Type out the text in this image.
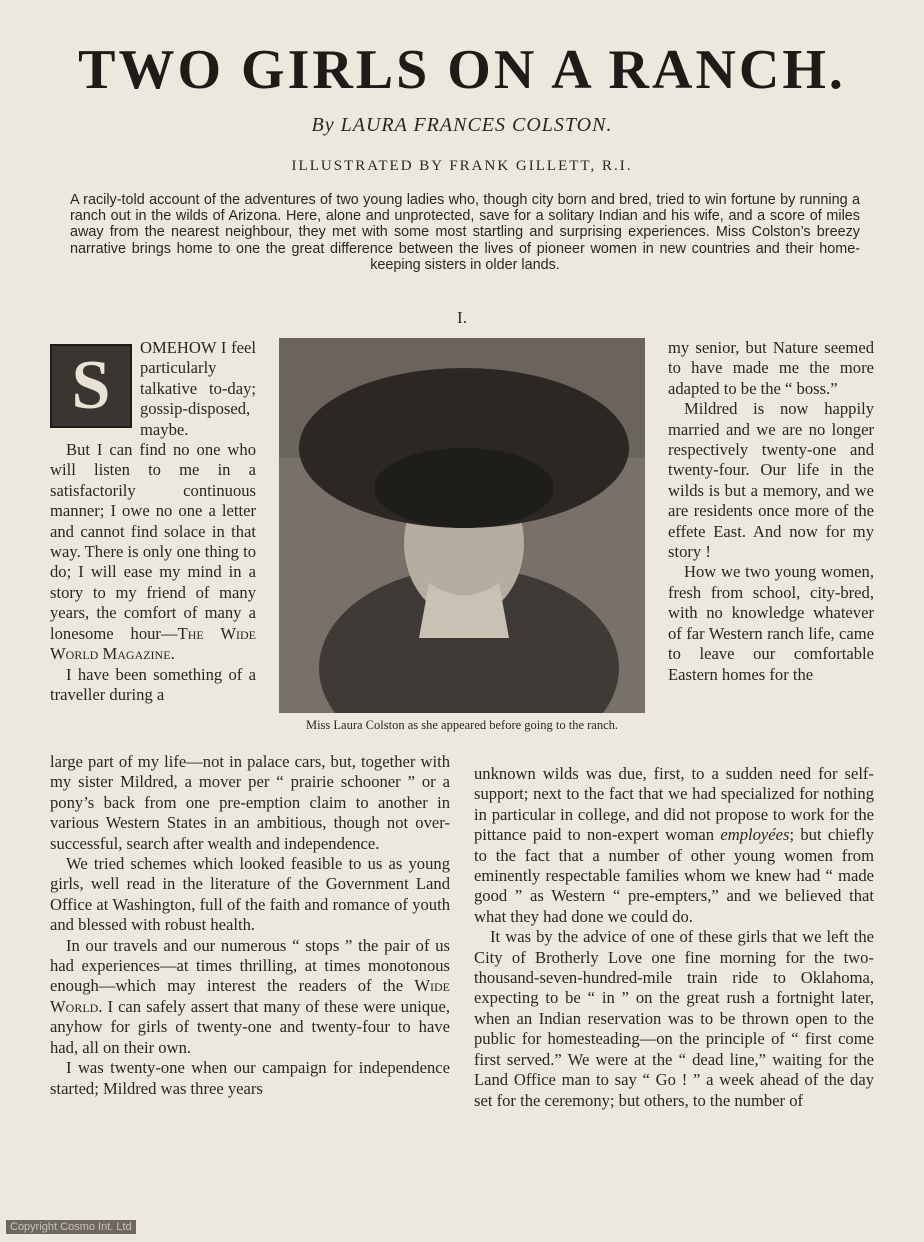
TWO GIRLS ON A RANCH.
By LAURA FRANCES COLSTON.
ILLUSTRATED BY FRANK GILLETT, R.I.
A racily-told account of the adventures of two young ladies who, though city born and bred, tried to win fortune by running a ranch out in the wilds of Arizona. Here, alone and unprotected, save for a solitary Indian and his wife, and a score of miles away from the nearest neighbour, they met with some most startling and surprising experiences. Miss Colston’s breezy narrative brings home to one the great difference between the lives of pioneer women in new countries and their home-keeping sisters in older lands.
I.
S	OMEHOW I feel particularly talkative to-day; gossip-disposed, maybe.

But I can find no one who will listen to me in a satisfactorily continuous manner; I owe no one a letter and cannot find solace in that way. There is only one thing to do; I will ease my mind in a story to my friend of many years, the comfort of many a lonesome hour—The Wide World Magazine.

I have been something of a traveller during a

Miss Laura Colston as she appeared before going to the ranch.

large part of my life—not in palace cars, but, together with my sister Mildred, a mover per “ prairie schooner ” or a pony’s back from one pre-emption claim to another in various Western States in an ambitious, though not over-successful, search after wealth and independence.

We tried schemes which looked feasible to us as young girls, well read in the literature of the Government Land Office at Washington, full of the faith and romance of youth and blessed with robust health.

In our travels and our numerous “ stops ” the pair of us had experiences—at times thrilling, at times monotonous enough—which may interest the readers of the Wide World. I can safely assert that many of these were unique, anyhow for girls of twenty-one and twenty-four to have had, all on their own.

I was twenty-one when our campaign for independence started; Mildred was three years

my senior, but Nature seemed to have made me the more adapted to be the “ boss.”

Mildred is now happily married and we are no longer respectively twenty-one and twenty-four. Our life in the wilds is but a memory, and we are residents once more of the effete East. And now for my story !

How we two young women, fresh from school, city-bred, with no knowledge whatever of far Western ranch life, came to leave our comfortable Eastern homes for the

unknown wilds was due, first, to a sudden need for self-support; next to the fact that we had specialized for nothing in particular in college, and did not propose to work for the pittance paid to non-expert woman employées; but chiefly to the fact that a number of other young women from eminently respectable families whom we knew had “ made good ” as Western “ pre-empters,” and we believed that what they had done we could do.

It was by the advice of one of these girls that we left the City of Brotherly Love one fine morning for the two-thousand-seven-hundred-mile train ride to Oklahoma, expecting to be “ in ” on the great rush a fortnight later, when an Indian reservation was to be thrown open to the public for homesteading—on the principle of “ first come first served.” We were at the “ dead line,” waiting for the Land Office man to say “ Go ! ” a week ahead of the day set for the ceremony; but others, to the number of

Copyright Cosmo Int. Ltd
